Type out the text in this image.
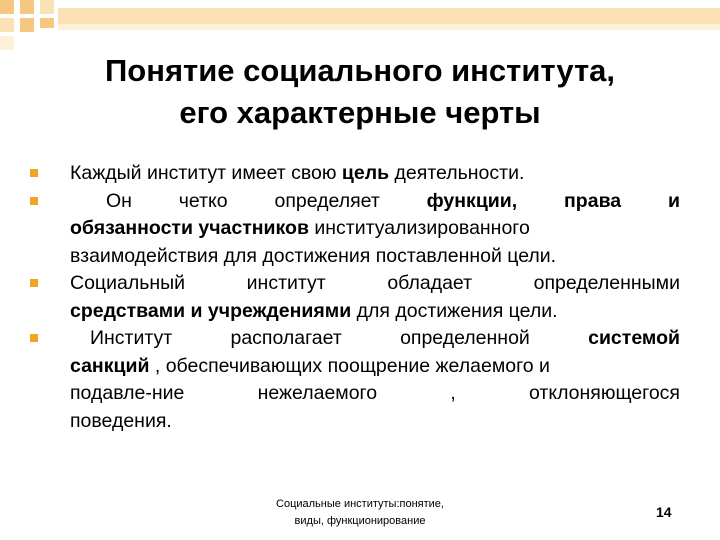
Понятие социального института,
его характерные черты
Каждый институт имеет свою цель деятельности.
Он четко определяет функции, права и
обязанности участников институализированного
взаимодействия для достижения поставленной цели.
Социальный	институт	обладает	определенными
средствами и учреждениями для достижения цели.
Институт	располагает	определенной	системой
санкций , обеспечивающих поощрение желаемого и
подавле-ние	нежелаемого	,	отклоняющегося
поведения.
Социальные институты:понятие,
виды, функционирование
14
